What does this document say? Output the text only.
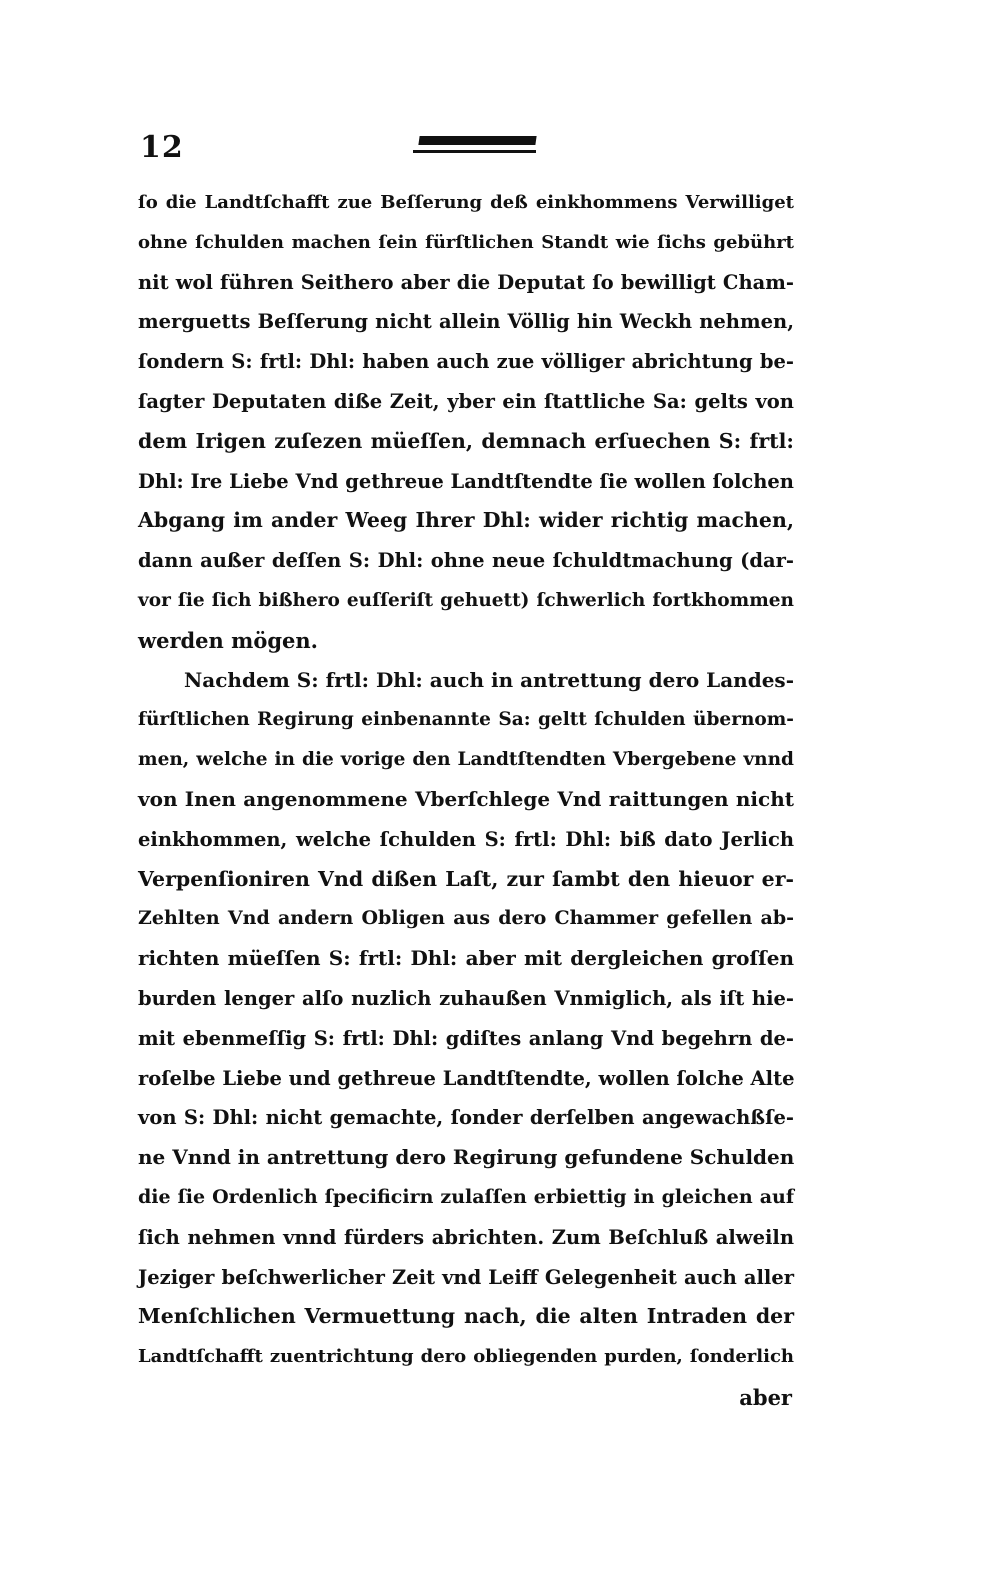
12
ſo die Landtſchafft zue Beſſerung deß einkhommens Verwilliget
ohne ſchulden machen ſein fürſtlichen Standt wie ſichs gebührt
nit wol führen Seithero aber die Deputat ſo bewilligt Cham-
merguetts Beſſerung nicht allein Völlig hin Weckh nehmen,
ſondern S: frtl: Dhl: haben auch zue völliger abrichtung be-
ſagter Deputaten diße Zeit, yber ein ſtattliche Sa: gelts von
dem Irigen zuſezen müeſſen, demnach erſuechen S: frtl:
Dhl: Ire Liebe Vnd gethreue Landtſtendte ſie wollen ſolchen
Abgang im ander Weeg Ihrer Dhl: wider richtig machen,
dann außer deſſen S: Dhl: ohne neue ſchuldtmachung (dar-
vor ſie ſich bißhero euſſeriſt gehuett) ſchwerlich fortkhommen
werden mögen.
Nachdem S: frtl: Dhl: auch in antrettung dero Landes-
fürſtlichen Regirung einbenannte Sa: geltt ſchulden übernom-
men, welche in die vorige den Landtſtendten Vbergebene vnnd
von Inen angenommene Vberſchlege Vnd raittungen nicht
einkhommen, welche ſchulden S: frtl: Dhl: biß dato Jerlich
Verpenſioniren Vnd dißen Laſt, zur ſambt den hieuor er-
Zehlten Vnd andern Obligen aus dero Chammer gefellen ab-
richten müeſſen S: frtl: Dhl: aber mit dergleichen groſſen
burden lenger alſo nuzlich zuhaußen Vnmiglich, als iſt hie-
mit ebenmeſſig S: frtl: Dhl: gdiſtes anlang Vnd begehrn de-
roſelbe Liebe und gethreue Landtſtendte, wollen ſolche Alte
von S: Dhl: nicht gemachte, ſonder derſelben angewachßſe-
ne Vnnd in antrettung dero Regirung gefundene Schulden
die ſie Ordenlich ſpecificirn zulaſſen erbiettig in gleichen auf
ſich nehmen vnnd fürders abrichten. Zum Beſchluß alweiln
Jeziger beſchwerlicher Zeit vnd Leiff Gelegenheit auch aller
Menſchlichen Vermuettung nach, die alten Intraden der
Landtſchafft zuentrichtung dero obliegenden purden, ſonderlich
aber
